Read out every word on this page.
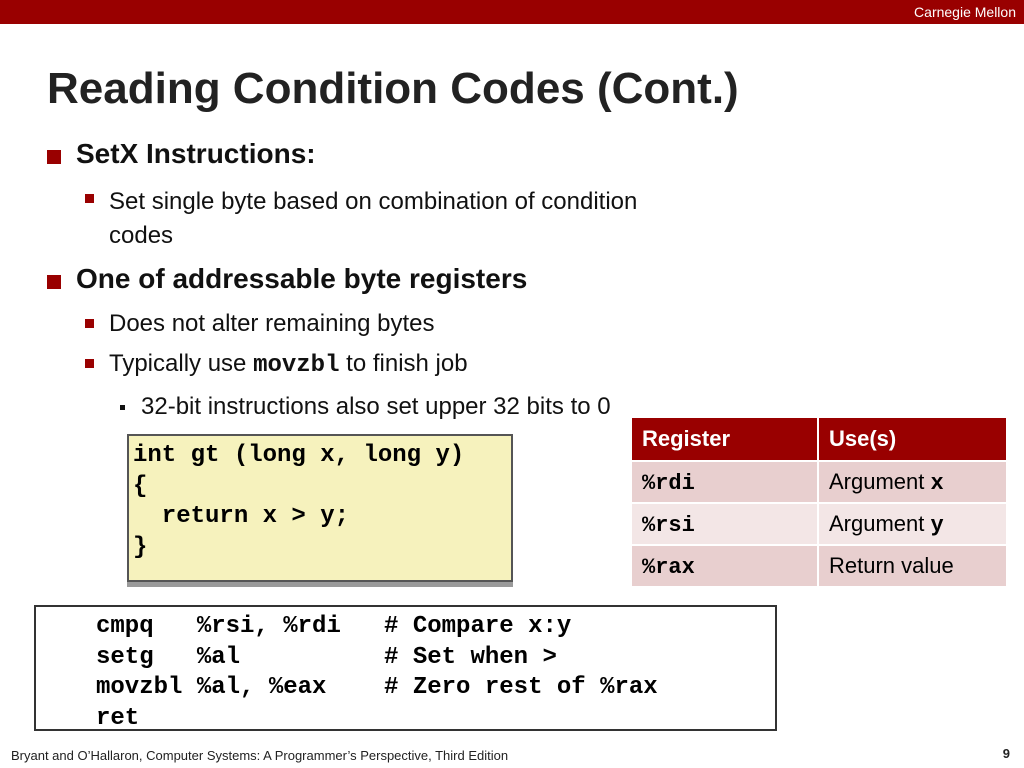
Carnegie Mellon
Reading Condition Codes (Cont.)
SetX Instructions:
Set single byte based on combination of condition
codes
One of addressable byte registers
Does not alter remaining bytes
Typically use movzbl to finish job
32-bit instructions also set upper 32 bits to 0
int gt (long x, long y)
{
return x > y;
}
Register	Use(s)
%rdi	Argument x
%rsi	Argument y
%rax	Return value
cmpq   %rsi, %rdi   # Compare x:y
setg   %al          # Set when >
movzbl %al, %eax    # Zero rest of %rax
ret
Bryant and O’Hallaron, Computer Systems: A Programmer’s Perspective, Third Edition	9
